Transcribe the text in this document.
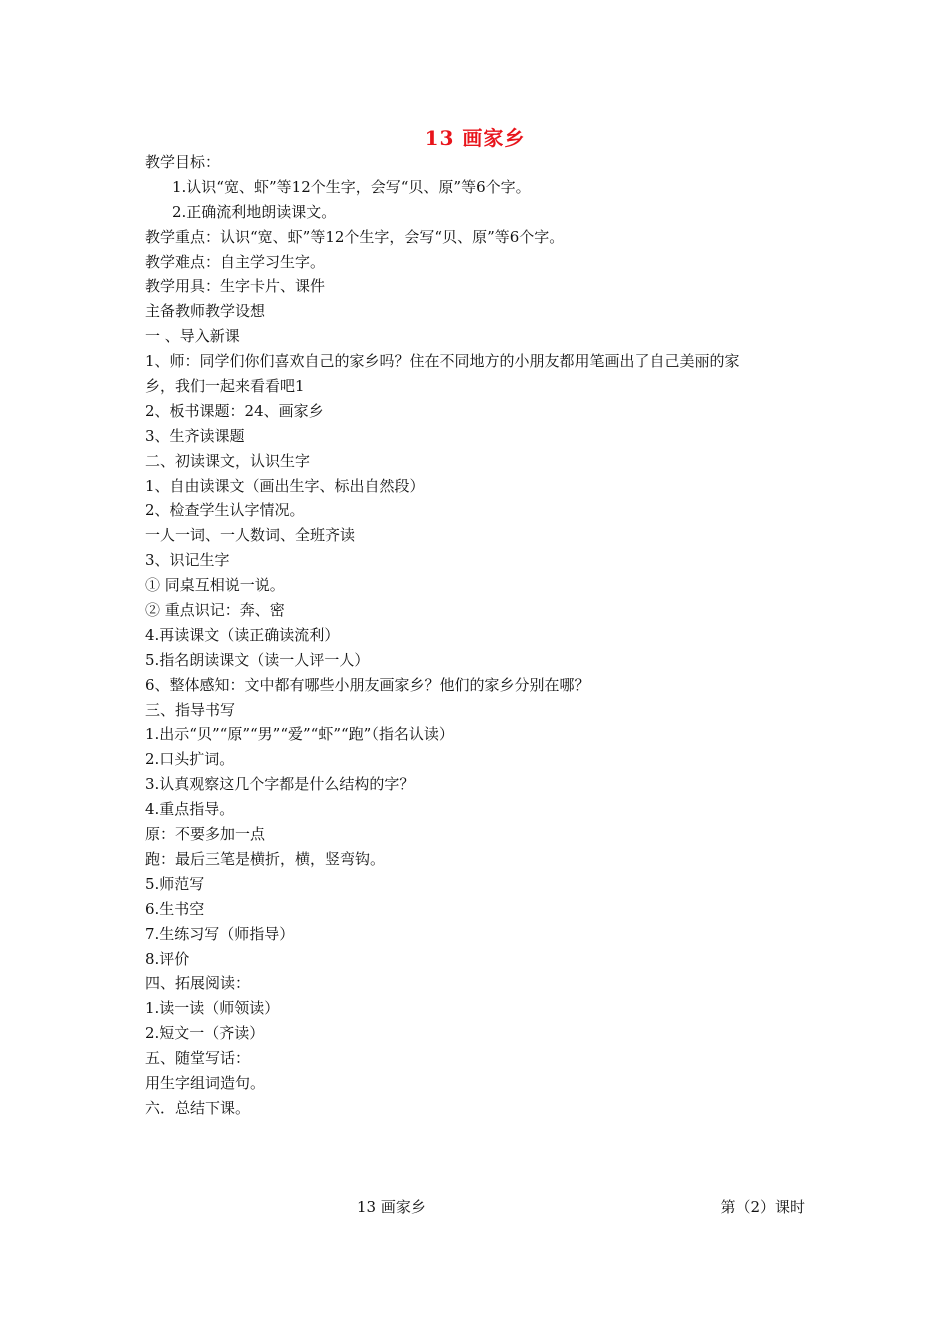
13 画家乡
教学目标：
1.认识“宽、虾”等12个生字，会写“贝、原”等6个字。
2.正确流利地朗读课文。
教学重点：认识“宽、虾”等12个生字，会写“贝、原”等6个字。
教学难点：自主学习生字。
教学用具：生字卡片、课件
主备教师教学设想
一 、导入新课
1、师：同学们你们喜欢自己的家乡吗？住在不同地方的小朋友都用笔画出了自己美丽的家
乡，我们一起来看看吧1
2、板书课题：24、画家乡
3、生齐读课题
二、初读课文，认识生字
1、自由读课文（画出生字、标出自然段）
2、检查学生认字情况。
一人一词、一人数词、全班齐读
3、识记生字
① 同桌互相说一说。
② 重点识记：奔、密
4.再读课文（读正确读流利）
5.指名朗读课文（读一人评一人）
6、整体感知：文中都有哪些小朋友画家乡？他们的家乡分别在哪？
三、指导书写
1.出示“贝”“原”“男”“爱”“虾”“跑”（指名认读）
2.口头扩词。
3.认真观察这几个字都是什么结构的字？
4.重点指导。
原：不要多加一点
跑：最后三笔是横折，横，竖弯钩。
5.师范写
6.生书空
7.生练习写（师指导）
8.评价
四、拓展阅读：
1.读一读（师领读）
2.短文一（齐读）
五、随堂写话：
用生字组词造句。
六．总结下课。
13 画家乡	第（2）课时
